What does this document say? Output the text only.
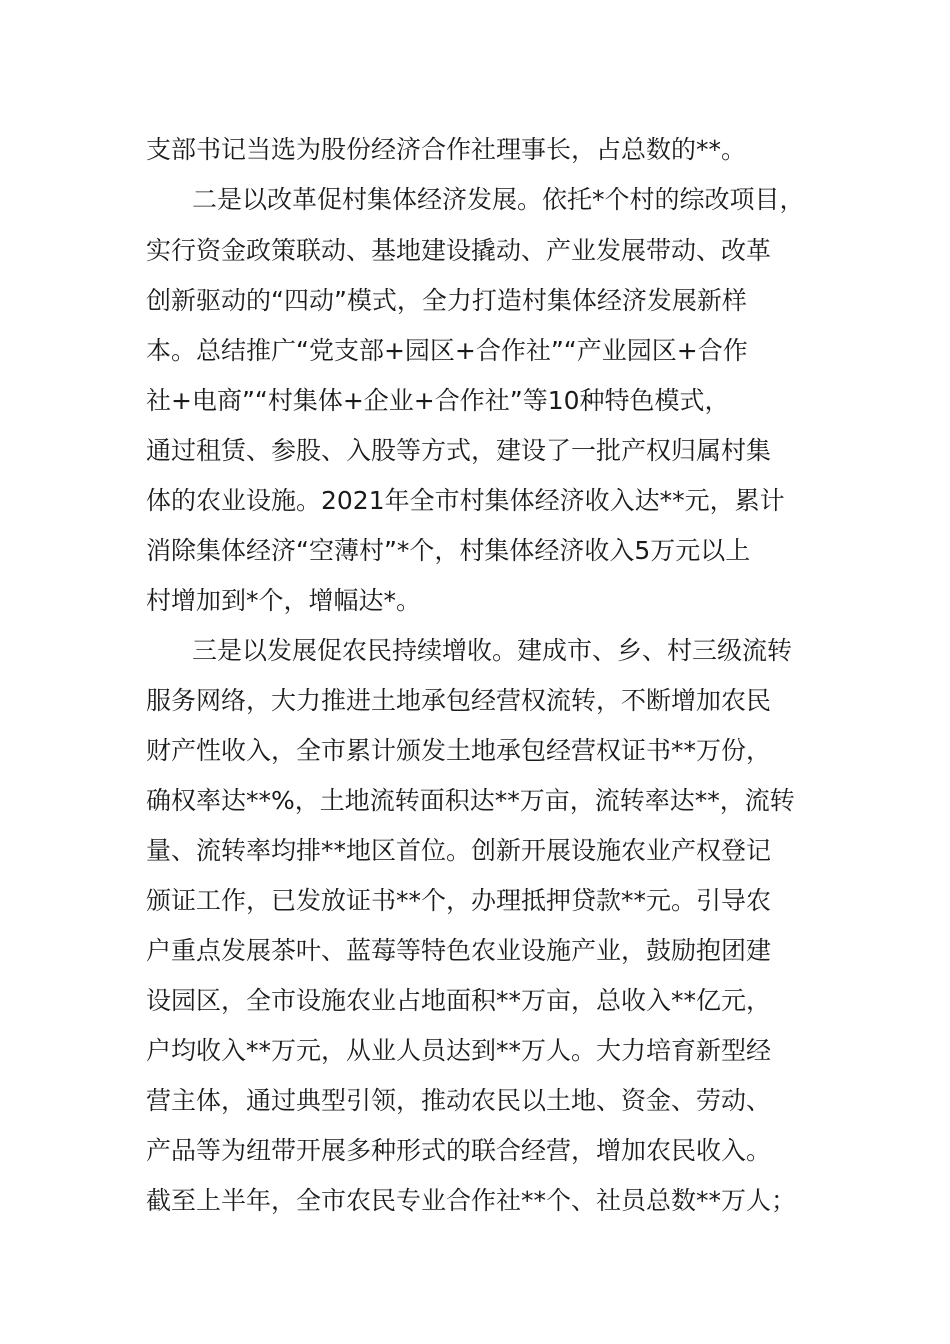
支部书记当选为股份经济合作社理事长，占总数的**。
二是以改革促村集体经济发展。依托*个村的综改项目，
实行资金政策联动、基地建设撬动、产业发展带动、改革
创新驱动的“四动”模式，全力打造村集体经济发展新样
本。总结推广“党支部+园区+合作社”“产业园区+合作
社+电商”“村集体+企业+合作社”等10种特色模式，
通过租赁、参股、入股等方式，建设了一批产权归属村集
体的农业设施。2021年全市村集体经济收入达**元，累计
消除集体经济“空薄村”*个，村集体经济收入5万元以上
村增加到*个，增幅达*。
三是以发展促农民持续增收。建成市、乡、村三级流转
服务网络，大力推进土地承包经营权流转，不断增加农民
财产性收入，全市累计颁发土地承包经营权证书**万份，
确权率达**%，土地流转面积达**万亩，流转率达**，流转
量、流转率均排**地区首位。创新开展设施农业产权登记
颁证工作，已发放证书**个，办理抵押贷款**元。引导农
户重点发展茶叶、蓝莓等特色农业设施产业，鼓励抱团建
设园区，全市设施农业占地面积**万亩，总收入**亿元，
户均收入**万元，从业人员达到**万人。大力培育新型经
营主体，通过典型引领，推动农民以土地、资金、劳动、
产品等为纽带开展多种形式的联合经营，增加农民收入。
截至上半年，全市农民专业合作社**个、社员总数**万人；
